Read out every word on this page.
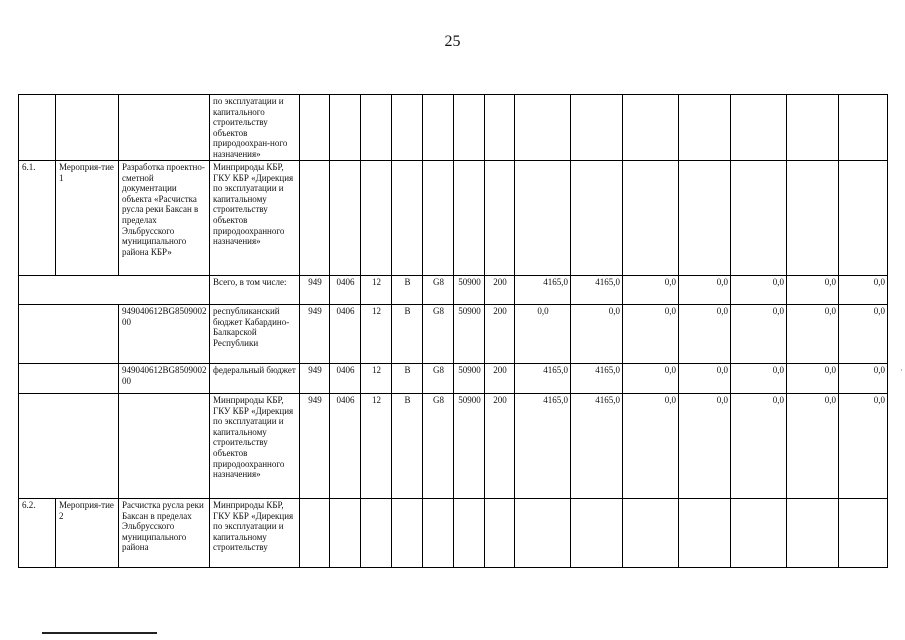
25
·
			по эксплуатации и капитального строительству объектов природоохран-ного назначения»														
6.1.	Мероприя-тие 1	Разработка проектно-сметной документации объекта «Расчистка русла реки Баксан в пределах Эльбрусского муниципального района КБР»	Минприроды КБР, ГКУ КБР «Дирекция по эксплуатации и капитальному строительству объектов природоохранного назначения»														
			Всего, в том числе:	949	0406	12	В	G8	50900	200	4165,0	4165,0	0,0	0,0	0,0	0,0	0,0
		949040612BG850900200	республиканский бюджет Кабардино-Балкарской Республики	949	0406	12	В	G8	50900	200	0,0	0,0	0,0	0,0	0,0	0,0	0,0
		949040612BG850900200	федеральный бюджет	949	0406	12	В	G8	50900	200	4165,0	4165,0	0,0	0,0	0,0	0,0	0,0
			Минприроды КБР, ГКУ КБР «Дирекция по эксплуатации и капитальному строительству объектов природоохранного назначения»	949	0406	12	В	G8	50900	200	4165,0	4165,0	0,0	0,0	0,0	0,0	0,0
6.2.	Мероприя-тие 2	Расчистка русла реки Баксан в пределах Эльбрусского муниципального района	Минприроды КБР, ГКУ КБР «Дирекция по эксплуатации и капитальному строительству														
